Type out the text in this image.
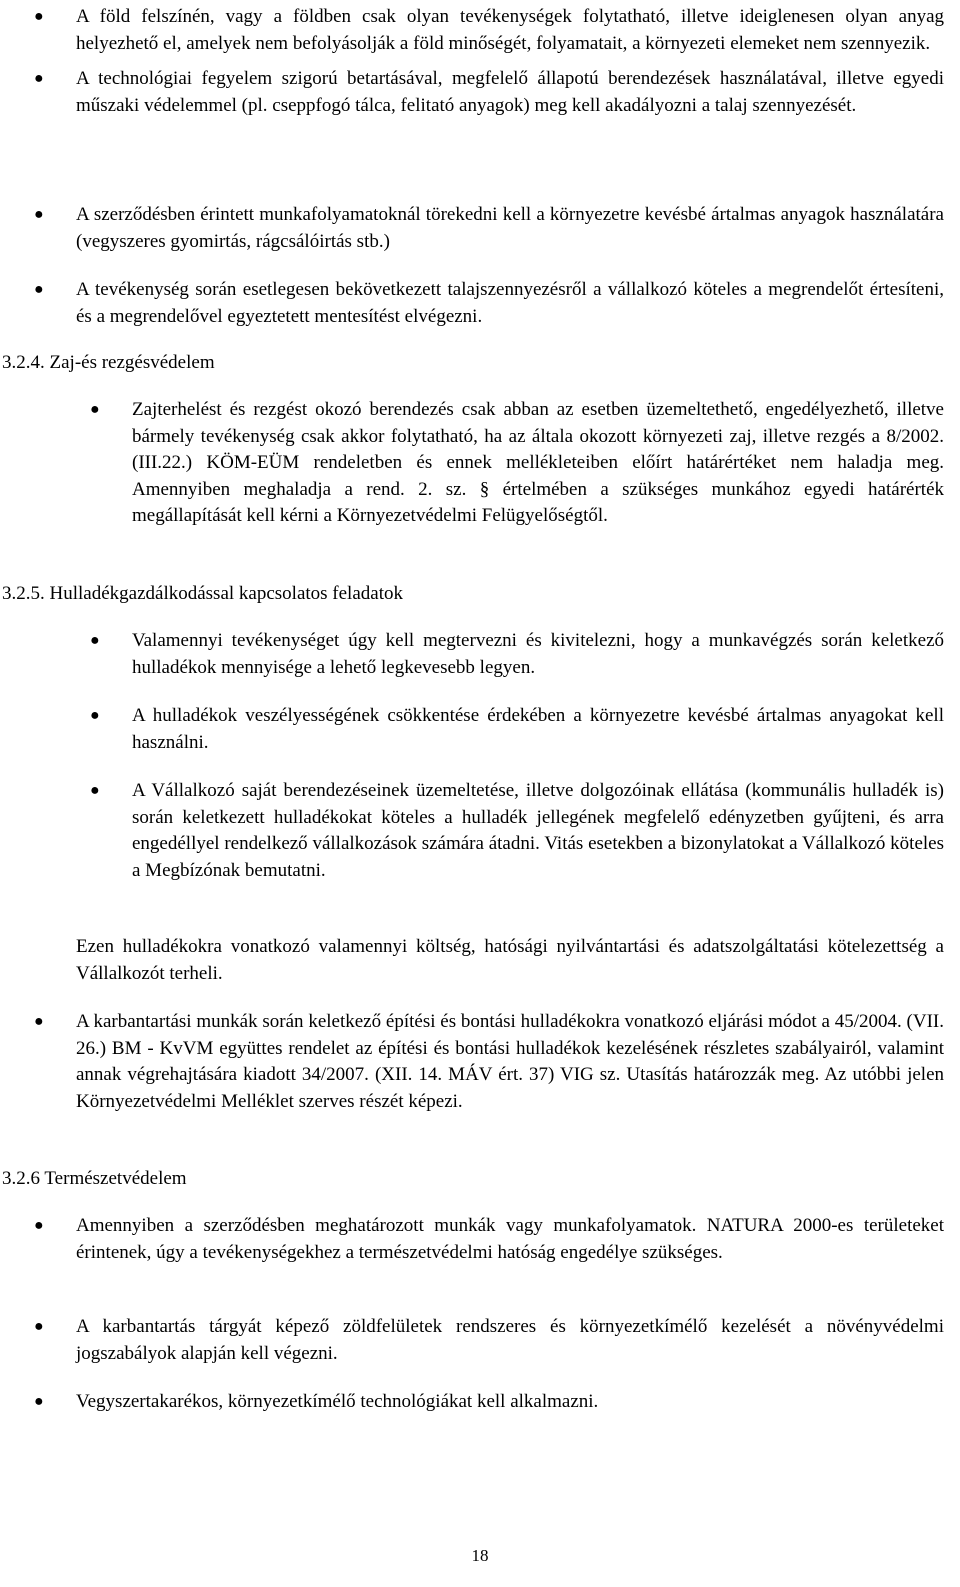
● A föld felszínén, vagy a földben csak olyan tevékenységek folytatható, illetve ideiglenesen olyan anyag helyezhető el, amelyek nem befolyásolják a föld minőségét, folyamatait, a környezeti elemeket nem szennyezik.
● A technológiai fegyelem szigorú betartásával, megfelelő állapotú berendezések használatával, illetve egyedi műszaki védelemmel (pl. cseppfogó tálca, felitató anyagok) meg kell akadályozni a talaj szennyezését.
● A szerződésben érintett munkafolyamatoknál törekedni kell a környezetre kevésbé ártalmas anyagok használatára (vegyszeres gyomirtás, rágcsálóirtás stb.)
● A tevékenység során esetlegesen bekövetkezett talajszennyezésről a vállalkozó köteles a megrendelőt értesíteni, és a megrendelővel egyeztetett mentesítést elvégezni.
3.2.4. Zaj-és rezgésvédelem
● Zajterhelést és rezgést okozó berendezés csak abban az esetben üzemeltethető, engedélyezhető, illetve bármely tevékenység csak akkor folytatható, ha az általa okozott környezeti zaj, illetve rezgés a 8/2002. (III.22.) KÖM-EÜM rendeletben és ennek mellékleteiben előírt határértéket nem haladja meg. Amennyiben meghaladja a rend. 2. sz. § értelmében a szükséges munkához egyedi határérték megállapítását kell kérni a Környezetvédelmi Felügyelőségtől.
3.2.5. Hulladékgazdálkodással kapcsolatos feladatok
● Valamennyi tevékenységet úgy kell megtervezni és kivitelezni, hogy a munkavégzés során keletkező hulladékok mennyisége a lehető legkevesebb legyen.
● A hulladékok veszélyességének csökkentése érdekében a környezetre kevésbé ártalmas anyagokat kell használni.
● A Vállalkozó saját berendezéseinek üzemeltetése, illetve dolgozóinak ellátása (kommunális hulladék is) során keletkezett hulladékokat köteles a hulladék jellegének megfelelő edényzetben gyűjteni, és arra engedéllyel rendelkező vállalkozások számára átadni. Vitás esetekben a bizonylatokat a Vállalkozó köteles a Megbízónak bemutatni.
Ezen hulladékokra vonatkozó valamennyi költség, hatósági nyilvántartási és adatszolgáltatási kötelezettség a Vállalkozót terheli.
● A karbantartási munkák során keletkező építési és bontási hulladékokra vonatkozó eljárási módot a 45/2004. (VII. 26.) BM - KvVM együttes rendelet az építési és bontási hulladékok kezelésének részletes szabályairól, valamint annak végrehajtására kiadott 34/2007. (XII. 14. MÁV ért. 37) VIG sz. Utasítás határozzák meg. Az utóbbi jelen Környezetvédelmi Melléklet szerves részét képezi.
3.2.6 Természetvédelem
● Amennyiben a szerződésben meghatározott munkák vagy munkafolyamatok. NATURA 2000-es területeket érintenek, úgy a tevékenységekhez a természetvédelmi hatóság engedélye szükséges.
● A karbantartás tárgyát képező zöldfelületek rendszeres és környezetkímélő kezelését a növényvédelmi jogszabályok alapján kell végezni.
● Vegyszertakarékos, környezetkímélő technológiákat kell alkalmazni.
18
